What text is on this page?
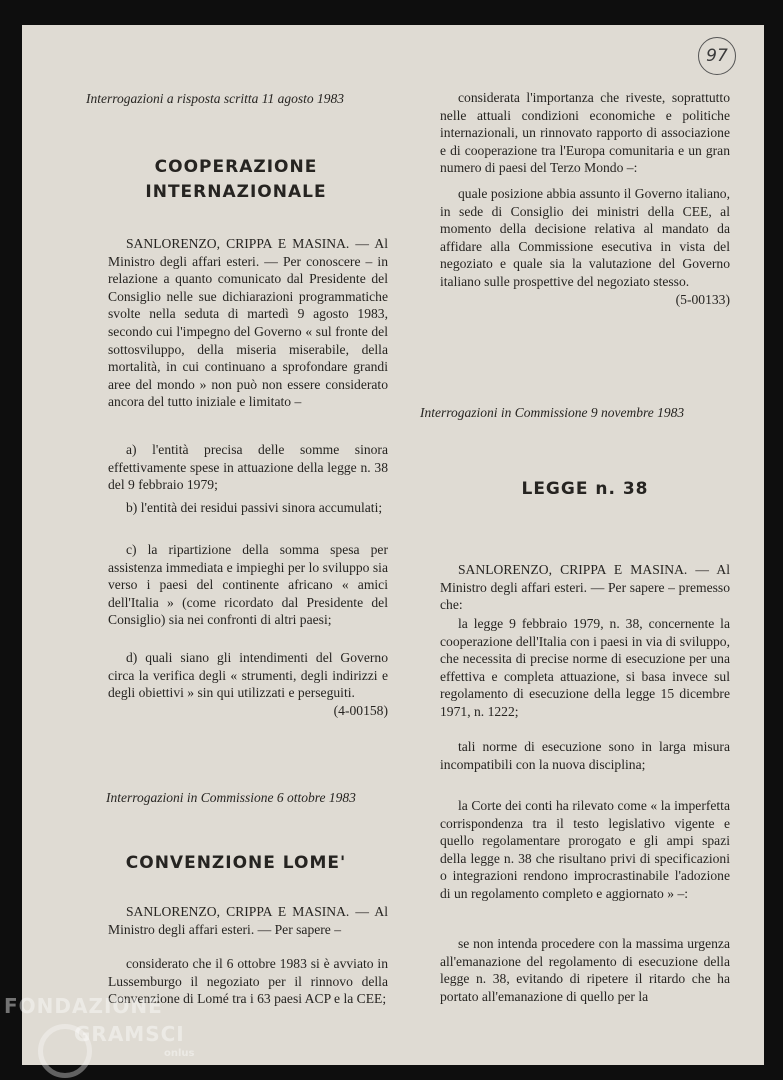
97
Interrogazioni a risposta scritta 11 agosto 1983
COOPERAZIONE
INTERNAZIONALE
SANLORENZO, CRIPPA E MASINA. — Al Ministro degli affari esteri. — Per conoscere – in relazione a quanto comunicato dal Presidente del Consiglio nelle sue dichiarazioni programmatiche svolte nella seduta di martedì 9 agosto 1983, secondo cui l'impegno del Governo « sul fronte del sottosviluppo, della miseria miserabile, della mortalità, in cui continuano a sprofondare grandi aree del mondo » non può non essere considerato ancora del tutto iniziale e limitato –
a) l'entità precisa delle somme sinora effettivamente spese in attuazione della legge n. 38 del 9 febbraio 1979;
b) l'entità dei residui passivi sinora accumulati;
c) la ripartizione della somma spesa per assistenza immediata e impieghi per lo sviluppo sia verso i paesi del continente africano « amici dell'Italia » (come ricordato dal Presidente del Consiglio) sia nei confronti di altri paesi;
d) quali siano gli intendimenti del Governo circa la verifica degli « strumenti, degli indirizzi e degli obiettivi » sin qui utilizzati e perseguiti.
(4-00158)
Interrogazioni in Commissione 6 ottobre 1983
CONVENZIONE LOME'
SANLORENZO, CRIPPA E MASINA. — Al Ministro degli affari esteri. — Per sapere –
considerato che il 6 ottobre 1983 si è avviato in Lussemburgo il negoziato per il rinnovo della Convenzione di Lomé tra i 63 paesi ACP e la CEE;
considerata l'importanza che riveste, soprattutto nelle attuali condizioni economiche e politiche internazionali, un rinnovato rapporto di associazione e di cooperazione tra l'Europa comunitaria e un gran numero di paesi del Terzo Mondo –:
quale posizione abbia assunto il Governo italiano, in sede di Consiglio dei ministri della CEE, al momento della decisione relativa al mandato da affidare alla Commissione esecutiva in vista del negoziato e quale sia la valutazione del Governo italiano sulle prospettive del negoziato stesso.
(5-00133)
Interrogazioni in Commissione 9 novembre 1983
LEGGE n. 38
SANLORENZO, CRIPPA E MASINA. — Al Ministro degli affari esteri. — Per sapere – premesso che:
la legge 9 febbraio 1979, n. 38, concernente la cooperazione dell'Italia con i paesi in via di sviluppo, che necessita di precise norme di esecuzione per una effettiva e completa attuazione, si basa invece sul regolamento di esecuzione della legge 15 dicembre 1971, n. 1222;
tali norme di esecuzione sono in larga misura incompatibili con la nuova disciplina;
la Corte dei conti ha rilevato come « la imperfetta corrispondenza tra il testo legislativo vigente e quello regolamentare prorogato e gli ampi spazi della legge n. 38 che risultano privi di specificazioni o integrazioni rendono improcrastinabile l'adozione di un regolamento completo e aggiornato » –:
se non intenda procedere con la massima urgenza all'emanazione del regolamento di esecuzione della legge n. 38, evitando di ripetere il ritardo che ha portato all'emanazione di quello per la
FONDAZIONE
GRAMSCI
onlus
